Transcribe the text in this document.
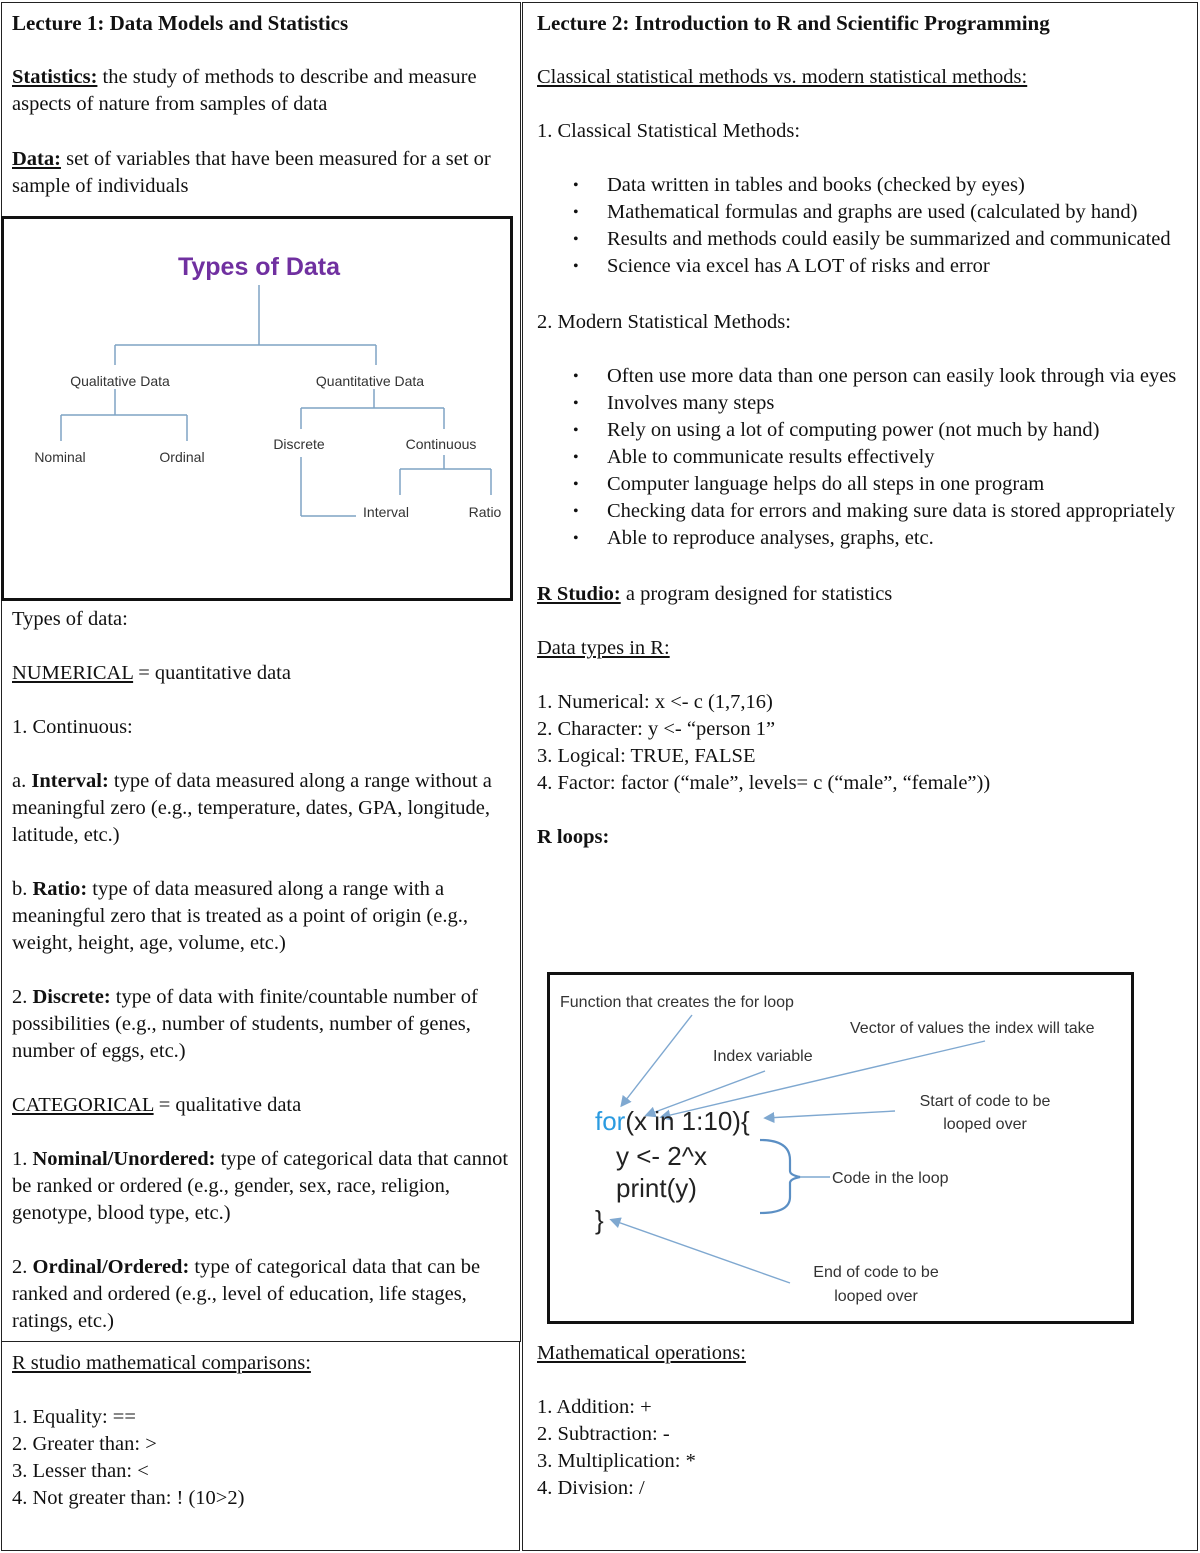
Lecture 1: Data Models and Statistics

Statistics: the study of methods to describe and measure aspects of nature from samples of data
Data: set of variables that have been measured for a set or sample of individuals
Types of Data
Qualitative Data	Quantitative Data
Nominal	Ordinal
Discrete	Continuous
Interval	Ratio

Types of data:

NUMERICAL = quantitative data

1. Continuous:

a. Interval: type of data measured along a range without a meaningful zero (e.g., temperature, dates, GPA, longitude, latitude, etc.)

b. Ratio: type of data measured along a range with a meaningful zero that is treated as a point of origin (e.g., weight, height, age, volume, etc.)

2. Discrete: type of data with finite/countable number of possibilities (e.g., number of students, number of genes, number of eggs, etc.)

CATEGORICAL = qualitative data

1. Nominal/Unordered: type of categorical data that cannot be ranked or ordered (e.g., gender, sex, race, religion, genotype, blood type, etc.)

2. Ordinal/Ordered: type of categorical data that can be ranked and ordered (e.g., level of education, life stages, ratings, etc.)

R studio mathematical comparisons:

1. Equality: ==

2. Greater than: >

3. Lesser than: <

4. Not greater than: ! (10>2)

Lecture 2: Introduction to R and Scientific Programming

Classical statistical methods vs. modern statistical methods:

1. Classical Statistical Methods:

• Data written in tables and books (checked by eyes)
• Mathematical formulas and graphs are used (calculated by hand)
• Results and methods could easily be summarized and communicated
• Science via excel has A LOT of risks and error

2. Modern Statistical Methods:

• Often use more data than one person can easily look through via eyes
• Involves many steps
• Rely on using a lot of computing power (not much by hand)
• Able to communicate results effectively
• Computer language helps do all steps in one program
• Checking data for errors and making sure data is stored appropriately
• Able to reproduce analyses, graphs, etc.

R Studio: a program designed for statistics

Data types in R:

1. Numerical: x <- c (1,7,16)

2. Character: y <- “person 1”

3. Logical: TRUE, FALSE

4. Factor: factor (“male”, levels= c (“male”, “female”))

R loops:

Function that creates the for loop
Vector of values the index will take
Index variable
Start of code to be
looped over
Code in the loop
End of code to be
looped over
for(x in 1:10){
y <- 2^x
print(y)
}

Mathematical operations:

1. Addition: +

2. Subtraction: -

3. Multiplication: *

4. Division: /
